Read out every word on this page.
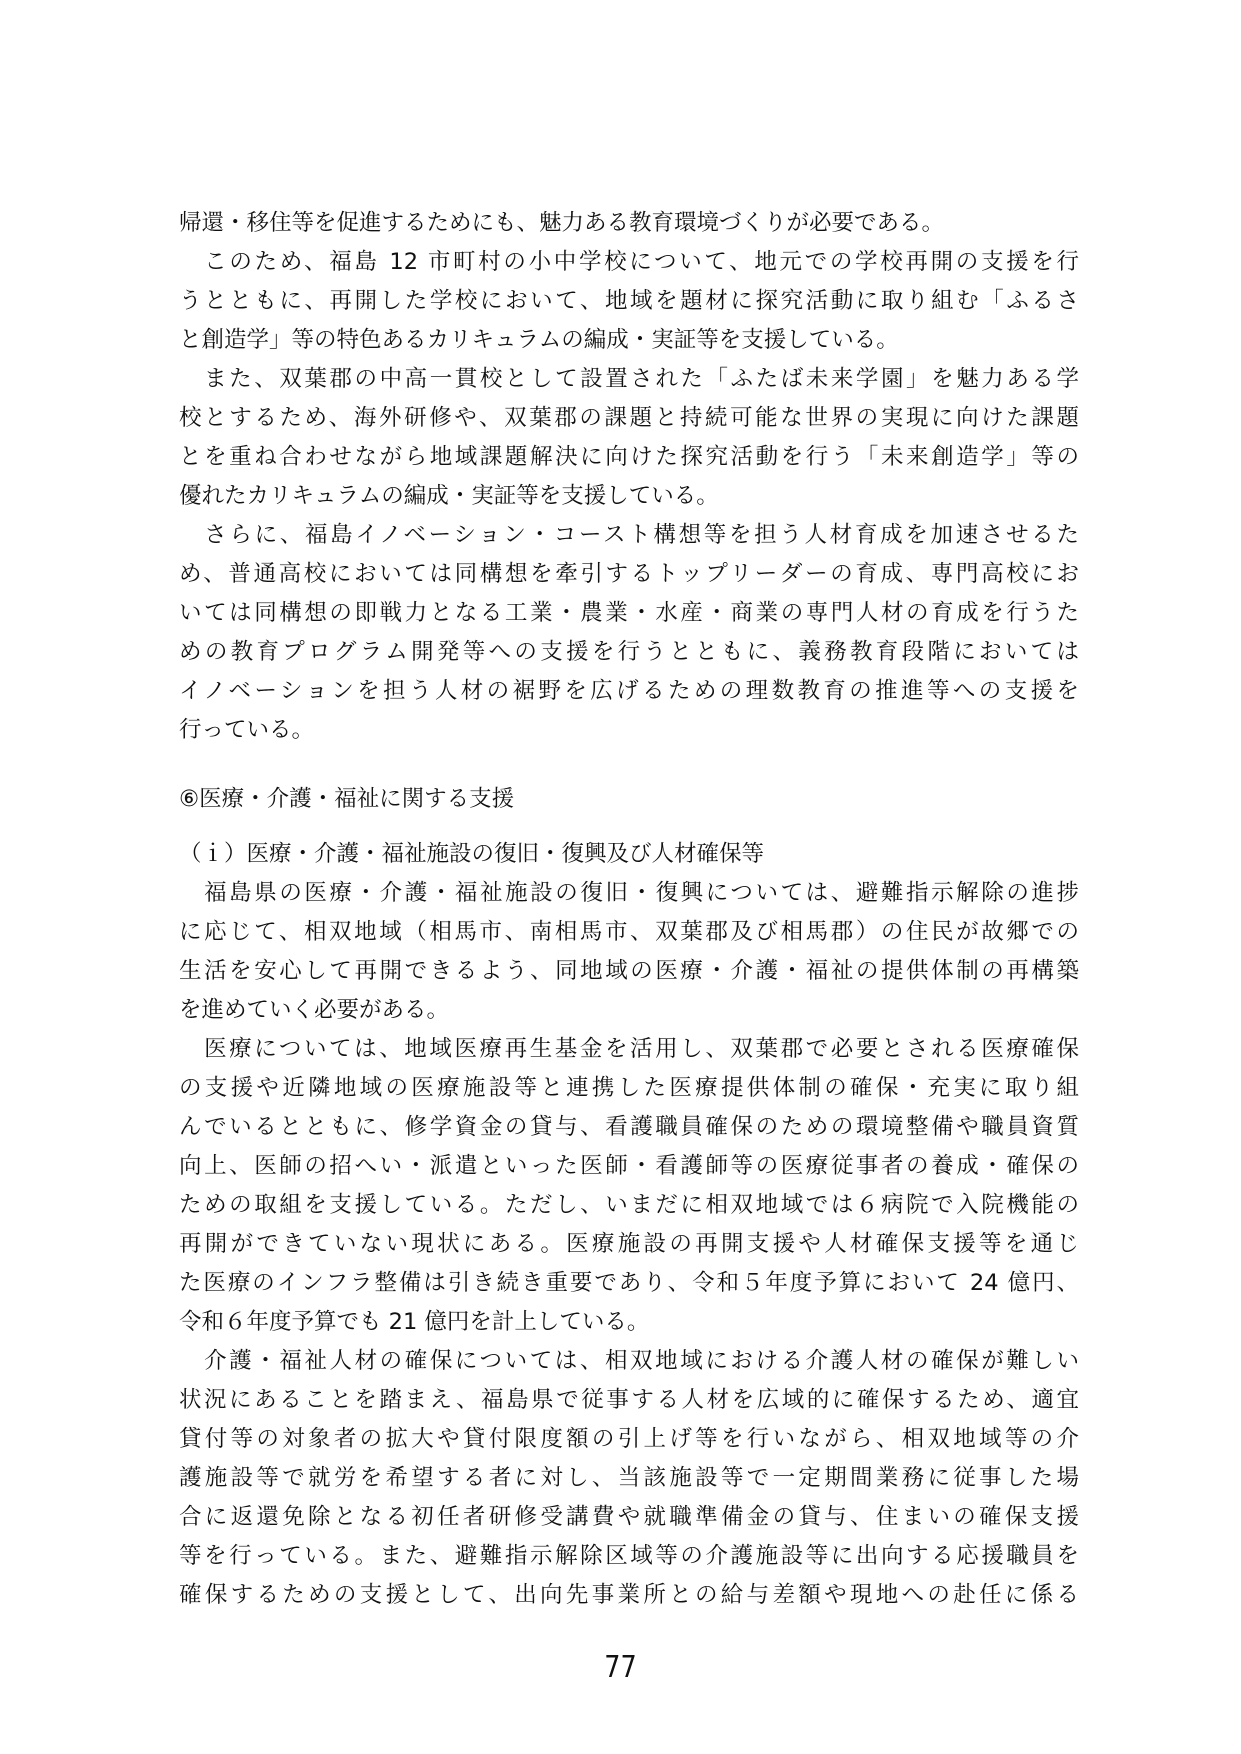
帰還・移住等を促進するためにも、魅力ある教育環境づくりが必要である。
　このため、福島 12 市町村の小中学校について、地元での学校再開の支援を行
うとともに、再開した学校において、地域を題材に探究活動に取り組む「ふるさ
と創造学」等の特色あるカリキュラムの編成・実証等を支援している。
　また、双葉郡の中高一貫校として設置された「ふたば未来学園」を魅力ある学
校とするため、海外研修や、双葉郡の課題と持続可能な世界の実現に向けた課題
とを重ね合わせながら地域課題解決に向けた探究活動を行う「未来創造学」等の
優れたカリキュラムの編成・実証等を支援している。
　さらに、福島イノベーション・コースト構想等を担う人材育成を加速させるた
め、普通高校においては同構想を牽引するトップリーダーの育成、専門高校にお
いては同構想の即戦力となる工業・農業・水産・商業の専門人材の育成を行うた
めの教育プログラム開発等への支援を行うとともに、義務教育段階においては
イノベーションを担う人材の裾野を広げるための理数教育の推進等への支援を
行っている。
⑥医療・介護・福祉に関する支援
（ｉ）医療・介護・福祉施設の復旧・復興及び人材確保等
　福島県の医療・介護・福祉施設の復旧・復興については、避難指示解除の進捗
に応じて、相双地域（相馬市、南相馬市、双葉郡及び相馬郡）の住民が故郷での
生活を安心して再開できるよう、同地域の医療・介護・福祉の提供体制の再構築
を進めていく必要がある。
　医療については、地域医療再生基金を活用し、双葉郡で必要とされる医療確保
の支援や近隣地域の医療施設等と連携した医療提供体制の確保・充実に取り組
んでいるとともに、修学資金の貸与、看護職員確保のための環境整備や職員資質
向上、医師の招へい・派遣といった医師・看護師等の医療従事者の養成・確保の
ための取組を支援している。ただし、いまだに相双地域では６病院で入院機能の
再開ができていない現状にある。医療施設の再開支援や人材確保支援等を通じ
た医療のインフラ整備は引き続き重要であり、令和５年度予算において 24 億円、
令和６年度予算でも 21 億円を計上している。
　介護・福祉人材の確保については、相双地域における介護人材の確保が難しい
状況にあることを踏まえ、福島県で従事する人材を広域的に確保するため、適宜
貸付等の対象者の拡大や貸付限度額の引上げ等を行いながら、相双地域等の介
護施設等で就労を希望する者に対し、当該施設等で一定期間業務に従事した場
合に返還免除となる初任者研修受講費や就職準備金の貸与、住まいの確保支援
等を行っている。また、避難指示解除区域等の介護施設等に出向する応援職員を
確保するための支援として、出向先事業所との給与差額や現地への赴任に係る
77
